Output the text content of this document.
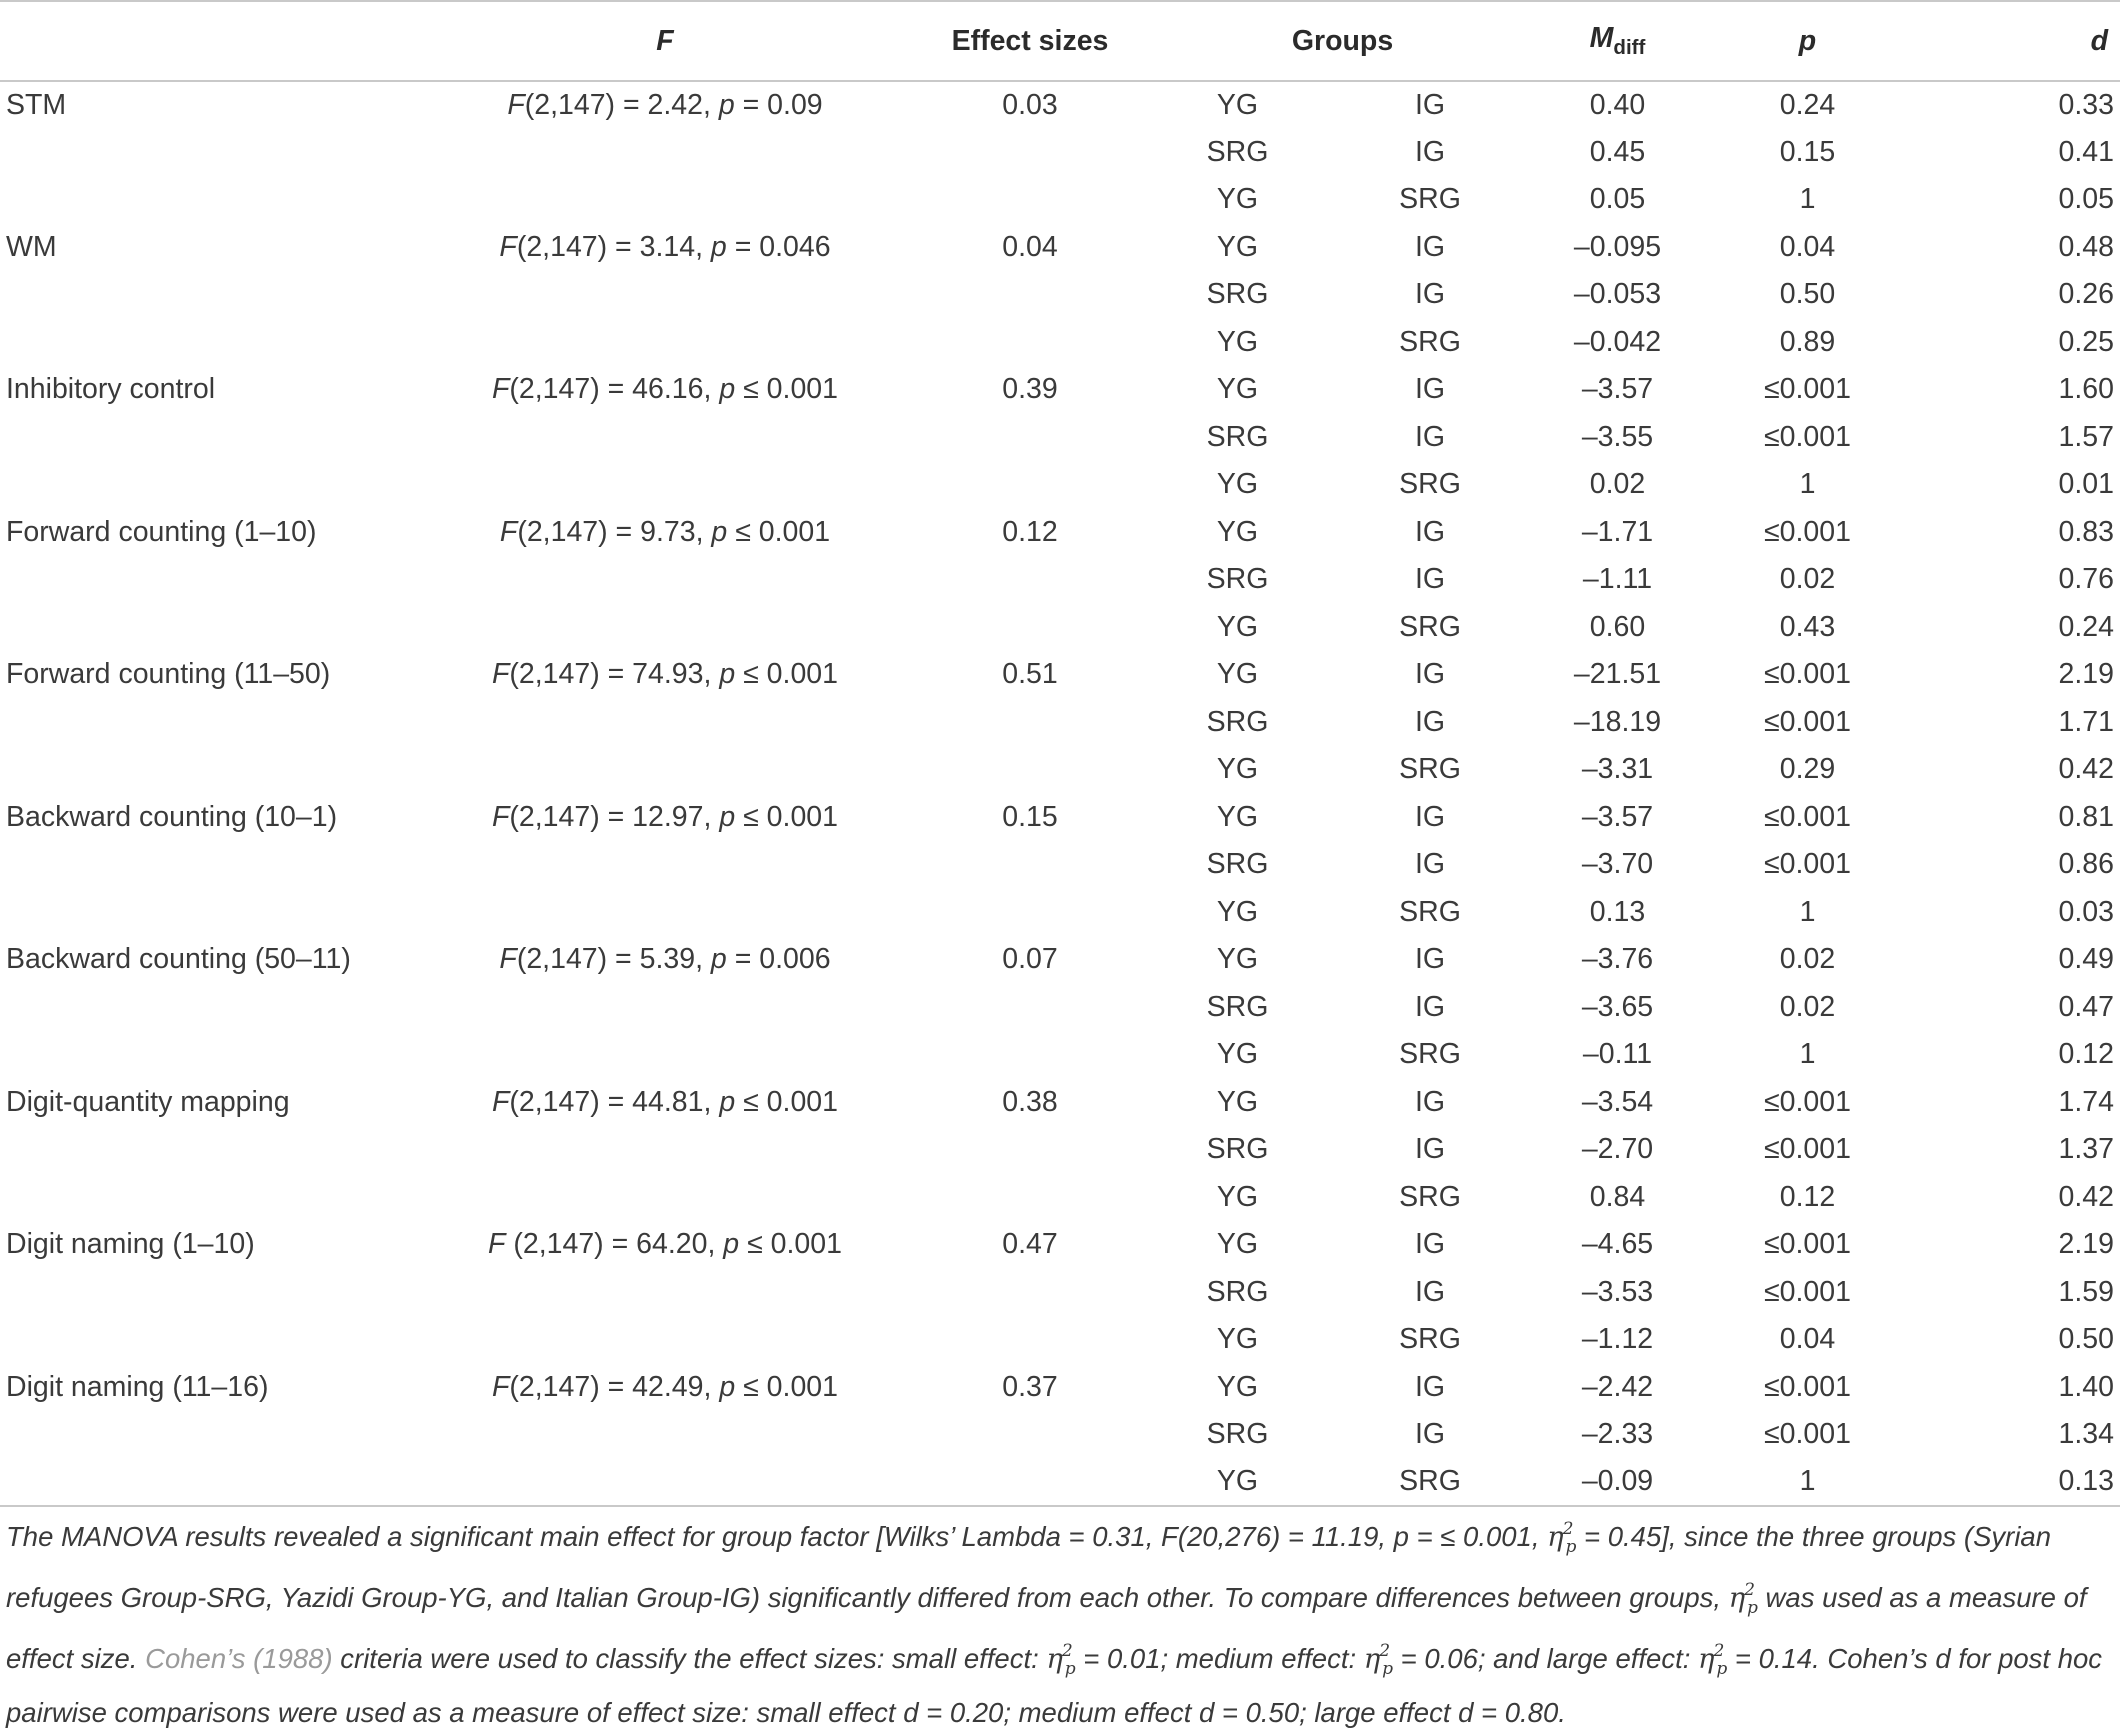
	F	Effect sizes	Groups		$M_{diff}$	p	d
STM	F(2,147) = 2.42, p = 0.09	0.03	YG	IG	0.40	0.24	0.33
			SRG	IG	0.45	0.15	0.41
			YG	SRG	0.05	1	0.05
WM	F(2,147) = 3.14, p = 0.046	0.04	YG	IG	–0.095	0.04	0.48
			SRG	IG	–0.053	0.50	0.26
			YG	SRG	–0.042	0.89	0.25
Inhibitory control	F(2,147) = 46.16, p ≤ 0.001	0.39	YG	IG	–3.57	≤0.001	1.60
			SRG	IG	–3.55	≤0.001	1.57
			YG	SRG	0.02	1	0.01
Forward counting (1–10)	F(2,147) = 9.73, p ≤ 0.001	0.12	YG	IG	–1.71	≤0.001	0.83
			SRG	IG	–1.11	0.02	0.76
			YG	SRG	0.60	0.43	0.24
Forward counting (11–50)	F(2,147) = 74.93, p ≤ 0.001	0.51	YG	IG	–21.51	≤0.001	2.19
			SRG	IG	–18.19	≤0.001	1.71
			YG	SRG	–3.31	0.29	0.42
Backward counting (10–1)	F(2,147) = 12.97, p ≤ 0.001	0.15	YG	IG	–3.57	≤0.001	0.81
			SRG	IG	–3.70	≤0.001	0.86
			YG	SRG	0.13	1	0.03
Backward counting (50–11)	F(2,147) = 5.39, p = 0.006	0.07	YG	IG	–3.76	0.02	0.49
			SRG	IG	–3.65	0.02	0.47
			YG	SRG	–0.11	1	0.12
Digit-quantity mapping	F(2,147) = 44.81, p ≤ 0.001	0.38	YG	IG	–3.54	≤0.001	1.74
			SRG	IG	–2.70	≤0.001	1.37
			YG	SRG	0.84	0.12	0.42
Digit naming (1–10)	F (2,147) = 64.20, p ≤ 0.001	0.47	YG	IG	–4.65	≤0.001	2.19
			SRG	IG	–3.53	≤0.001	1.59
			YG	SRG	–1.12	0.04	0.50
Digit naming (11–16)	F(2,147) = 42.49, p ≤ 0.001	0.37	YG	IG	–2.42	≤0.001	1.40
			SRG	IG	–2.33	≤0.001	1.34
			YG	SRG	–0.09	1	0.13

The MANOVA results revealed a significant main effect for group factor [Wilks’ Lambda = 0.31, F(20,276) = 11.19, p = ≤ 0.001, $\eta^2_p = 0.45$], since the three groups (Syrian refugees Group-SRG, Yazidi Group-YG, and Italian Group-IG) significantly differed from each other. To compare differences between groups, $\eta^2_p$ was used as a measure of effect size. Cohen’s (1988) criteria were used to classify the effect sizes: small effect: $\eta^2_p = 0.01$; medium effect: $\eta^2_p = 0.06$; and large effect: $\eta^2_p = 0.14$. Cohen’s d for post hoc pairwise comparisons were used as a measure of effect size: small effect d = 0.20; medium effect d = 0.50; large effect d = 0.80.
